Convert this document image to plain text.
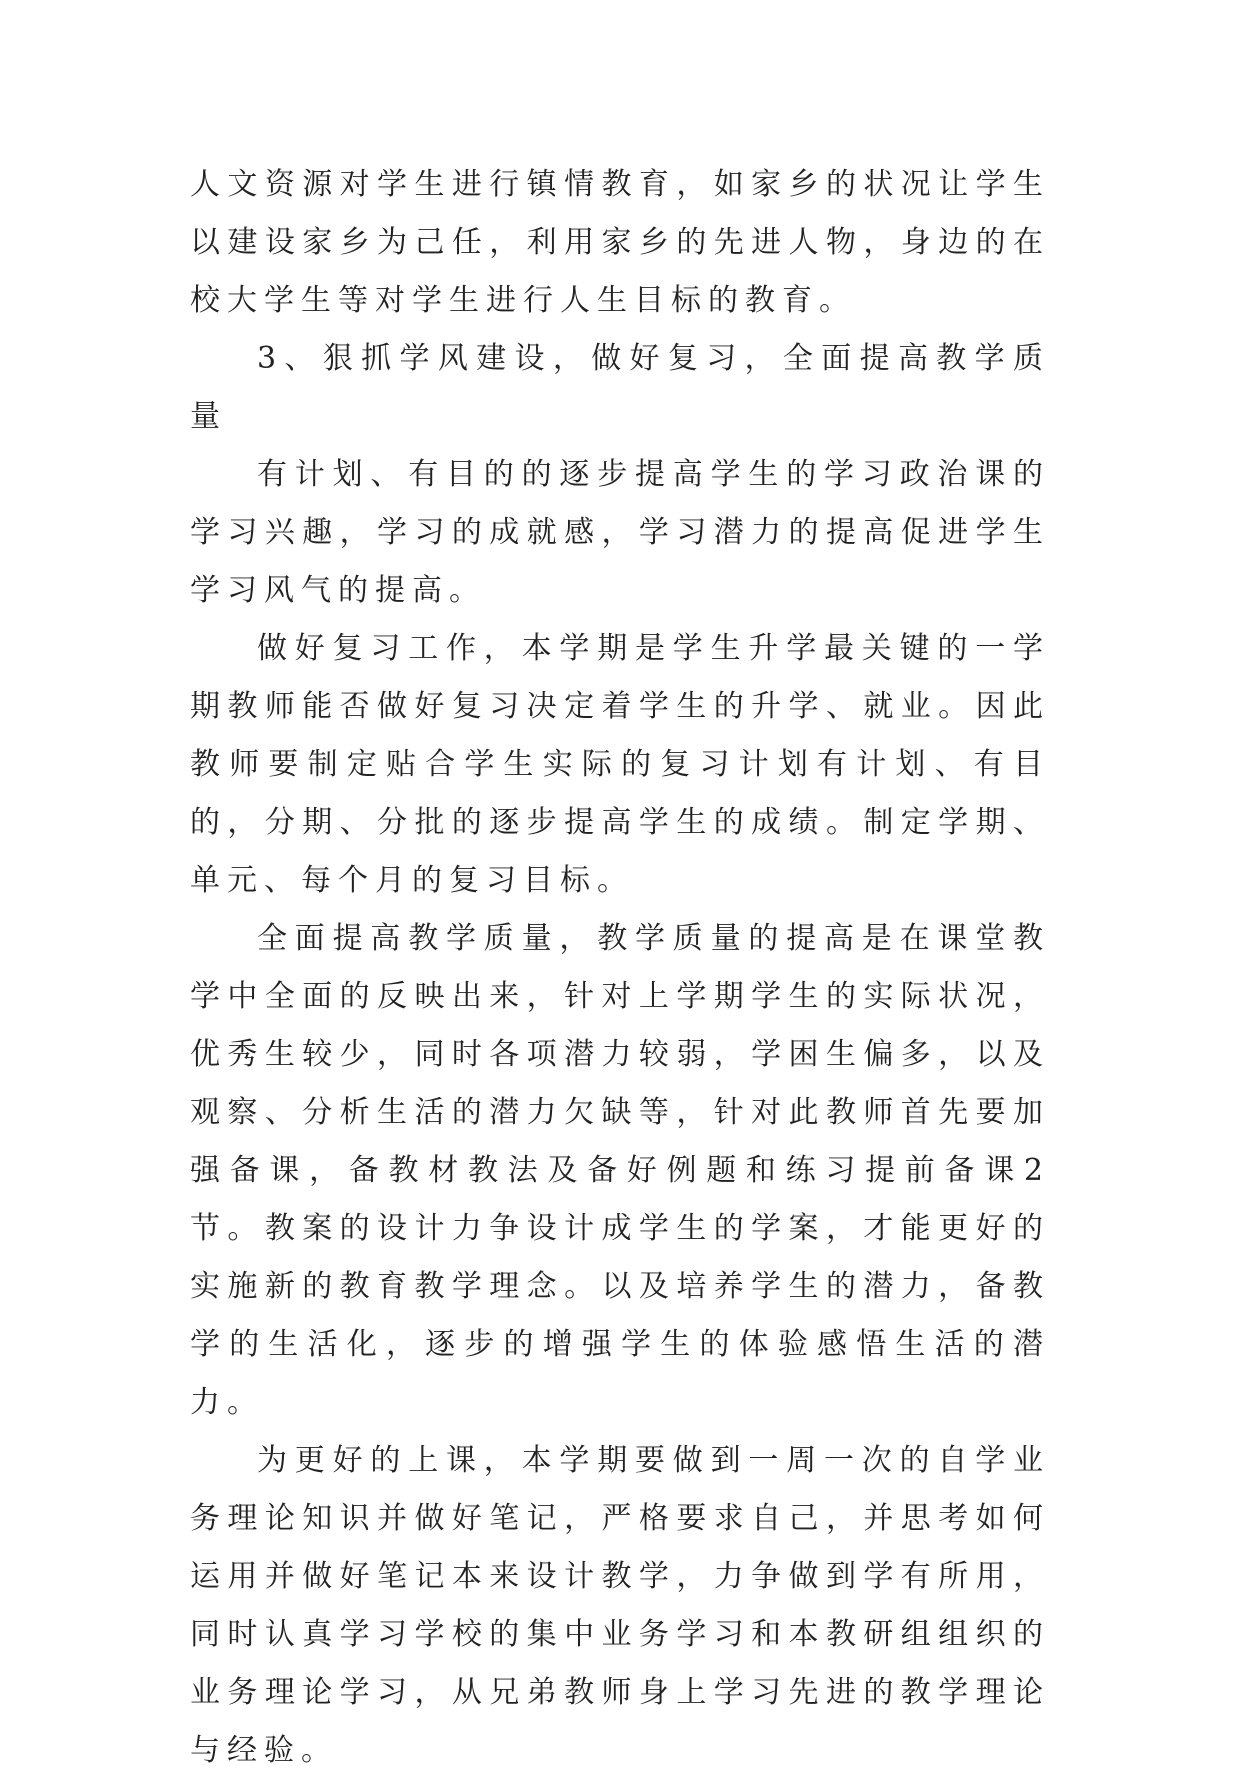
人文资源对学生进行镇情教育，如家乡的状况让学生以建设家乡为己任，利用家乡的先进人物，身边的在校大学生等对学生进行人生目标的教育。

3、狠抓学风建设，做好复习，全面提高教学质量

有计划、有目的的逐步提高学生的学习政治课的学习兴趣，学习的成就感，学习潜力的提高促进学生学习风气的提高。

做好复习工作，本学期是学生升学最关键的一学期教师能否做好复习决定着学生的升学、就业。因此教师要制定贴合学生实际的复习计划有计划、有目的，分期、分批的逐步提高学生的成绩。制定学期、单元、每个月的复习目标。

全面提高教学质量，教学质量的提高是在课堂教学中全面的反映出来，针对上学期学生的实际状况，优秀生较少，同时各项潜力较弱，学困生偏多，以及观察、分析生活的潜力欠缺等，针对此教师首先要加强备课，备教材教法及备好例题和练习提前备课2节。教案的设计力争设计成学生的学案，才能更好的实施新的教育教学理念。以及培养学生的潜力，备教学的生活化，逐步的增强学生的体验感悟生活的潜力。

为更好的上课，本学期要做到一周一次的自学业务理论知识并做好笔记，严格要求自己，并思考如何运用并做好笔记本来设计教学，力争做到学有所用，同时认真学习学校的集中业务学习和本教研组组织的业务理论学习，从兄弟教师身上学习先进的教学理论与经验。
